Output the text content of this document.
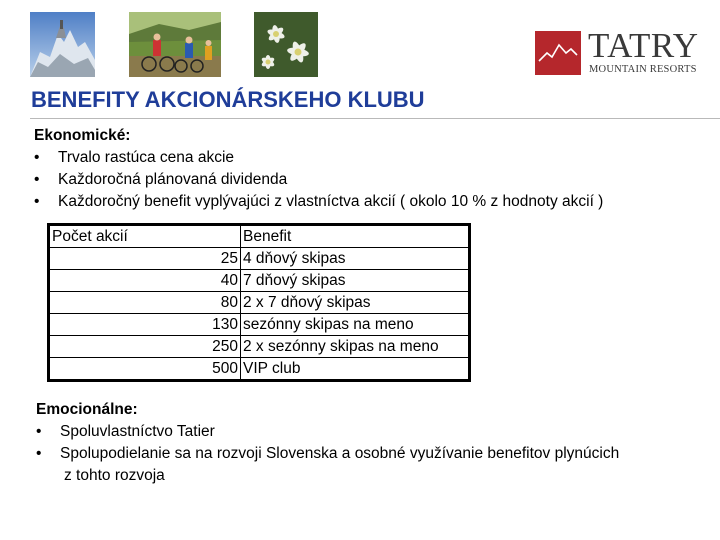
TATRY
MOUNTAIN RESORTS
BENEFITY AKCIONÁRSKEHO KLUBU
Ekonomické:
• Trvalo rastúca cena akcie
• Každoročná plánovaná dividenda
• Každoročný benefit vyplývajúci z vlastníctva akcií ( okolo 10 % z hodnoty akcií )
Počet akcií	Benefit
25	4 dňový skipas
40	7 dňový skipas
80	2 x 7 dňový skipas
130	sezónny skipas na meno
250	2 x sezónny skipas na meno
500	VIP club
Emocionálne:
• Spoluvlastníctvo Tatier
• Spolupodielanie sa na rozvoji Slovenska a osobné využívanie benefitov plynúcich
z tohto rozvoja
